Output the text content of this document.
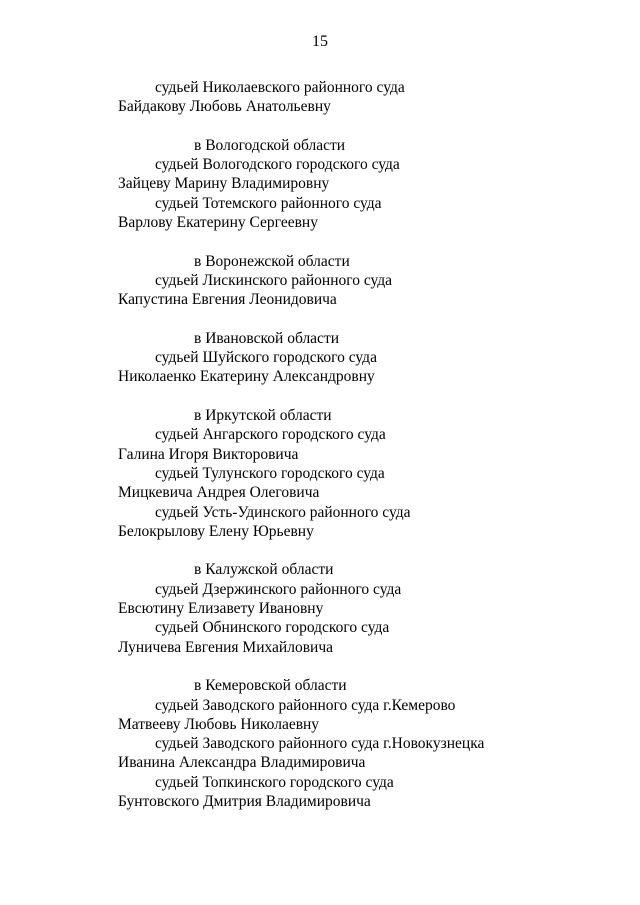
15
судьей Николаевского районного суда
Байдакову Любовь Анатольевну
в Вологодской области
судьей Вологодского городского суда
Зайцеву Марину Владимировну
судьей Тотемского районного суда
Варлову Екатерину Сергеевну
в Воронежской области
судьей Лискинского районного суда
Капустина Евгения Леонидовича
в Ивановской области
судьей Шуйского городского суда
Николаенко Екатерину Александровну
в Иркутской области
судьей Ангарского городского суда
Галина Игоря Викторовича
судьей Тулунского городского суда
Мицкевича Андрея Олеговича
судьей Усть-Удинского районного суда
Белокрылову Елену Юрьевну
в Калужской области
судьей Дзержинского районного суда
Евсютину Елизавету Ивановну
судьей Обнинского городского суда
Луничева Евгения Михайловича
в Кемеровской области
судьей Заводского районного суда г.Кемерово
Матвееву Любовь Николаевну
судьей Заводского районного суда г.Новокузнецка
Иванина Александра Владимировича
судьей Топкинского городского суда
Бунтовского Дмитрия Владимировича
